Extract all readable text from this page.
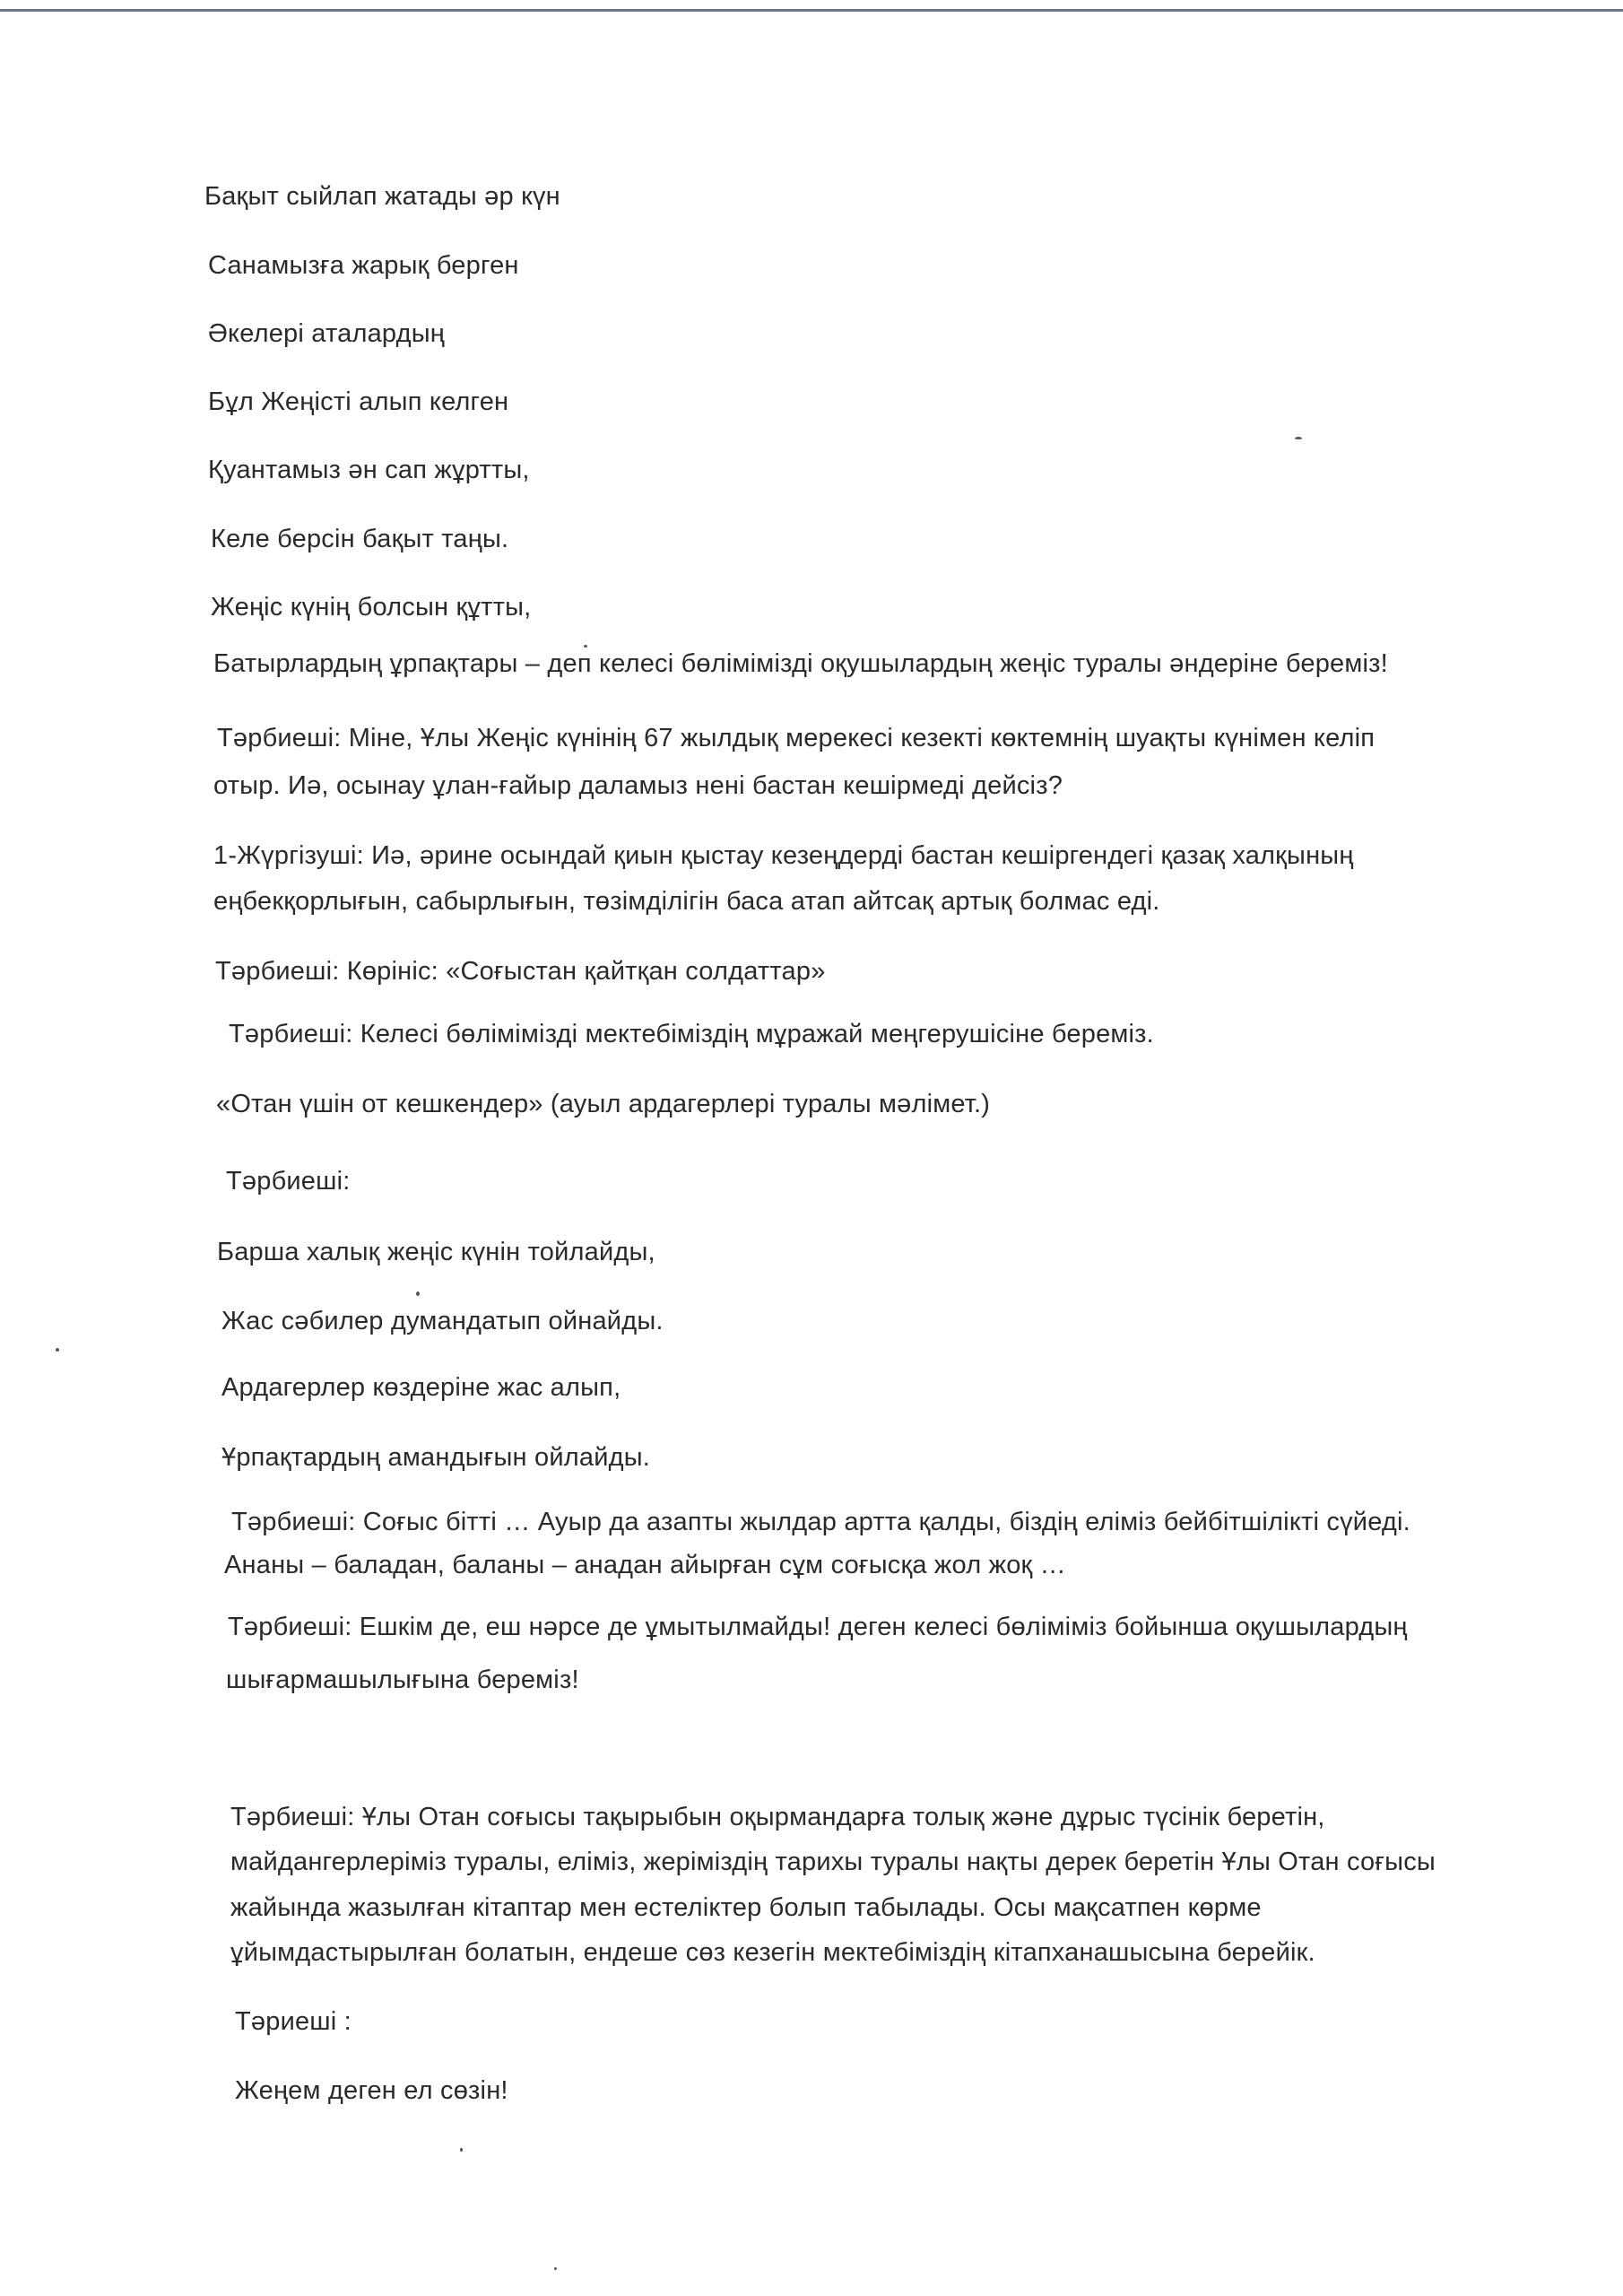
Бақыт сыйлап жатады әр күн
Санамызға жарық берген
Әкелері аталардың
Бұл Жеңісті алып келген
Қуантамыз ән сап жұртты,
Келе берсін бақыт таңы.
Жеңіс күнің болсын құтты,
Батырлардың ұрпақтары – деп келесі бөлімімізді оқушылардың жеңіс туралы әндеріне береміз!
Тәрбиеші: Міне, Ұлы Жеңіс күнінің 67 жылдық мерекесі кезекті көктемнің шуақты күнімен келіп
отыр. Иә, осынау ұлан-ғайыр даламыз нені бастан кешірмеді дейсіз?
1-Жүргізуші: Иә, әрине осындай қиын қыстау кезеңдерді бастан кешіргендегі қазақ халқының
еңбекқорлығын, сабырлығын, төзімділігін баса атап айтсақ артық болмас еді.
Тәрбиеші: Көрініс: «Соғыстан қайтқан солдаттар»
Тәрбиеші: Келесі бөлімімізді мектебіміздің мұражай меңгерушісіне береміз.
«Отан үшін от кешкендер» (ауыл ардагерлері туралы мәлімет.)
Тәрбиеші:
Барша халық жеңіс күнін тойлайды,
Жас сәбилер думандатып ойнайды.
Ардагерлер көздеріне жас алып,
Ұрпақтардың амандығын ойлайды.
Тәрбиеші: Соғыс бітті … Ауыр да азапты жылдар артта қалды, біздің еліміз бейбітшілікті сүйеді.
Ананы – баладан, баланы – анадан айырған сұм соғысқа жол жоқ …
Тәрбиеші: Ешкім де, еш нәрсе де ұмытылмайды! деген келесі бөліміміз бойынша оқушылардың
шығармашылығына береміз!
Тәрбиеші: Ұлы Отан соғысы тақырыбын оқырмандарға толық және дұрыс түсінік беретін,
майдангерлеріміз туралы, еліміз, жеріміздің тарихы туралы нақты дерек беретін Ұлы Отан соғысы
жайында жазылған кітаптар мен естеліктер болып табылады. Осы мақсатпен көрме
ұйымдастырылған болатын, ендеше сөз кезегін мектебіміздің кітапханашысына берейік.
Тәриеші :
Жеңем деген ел сөзін!
